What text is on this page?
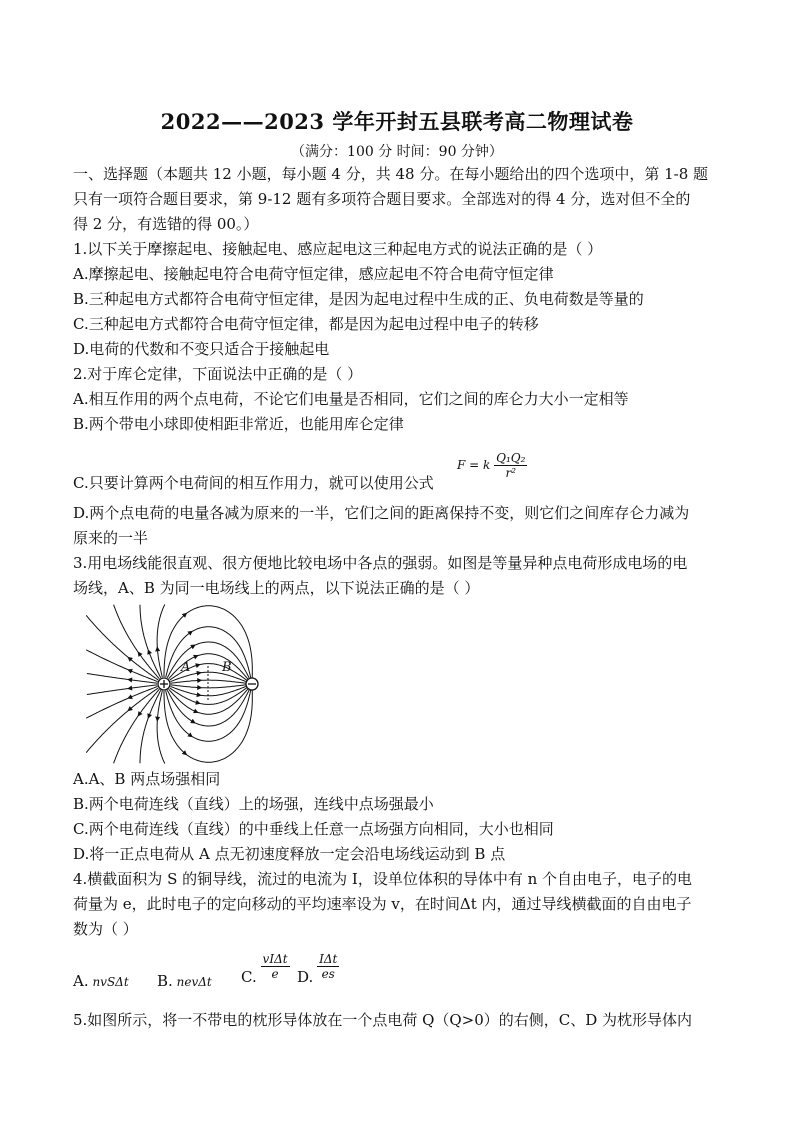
2022——2023 学年开封五县联考高二物理试卷
（满分：100 分 时间：90 分钟）
一、选择题（本题共 12 小题，每小题 4 分，共 48 分。在每小题给出的四个选项中，第 1-8 题
只有一项符合题目要求，第 9-12 题有多项符合题目要求。全部选对的得 4 分，选对但不全的
得 2 分，有选错的得 00。）
1.以下关于摩擦起电、接触起电、感应起电这三种起电方式的说法正确的是（ ）
A.摩擦起电、接触起电符合电荷守恒定律，感应起电不符合电荷守恒定律
B.三种起电方式都符合电荷守恒定律，是因为起电过程中生成的正、负电荷数是等量的
C.三种起电方式都符合电荷守恒定律，都是因为起电过程中电子的转移
D.电荷的代数和不变只适合于接触起电
2.对于库仑定律，下面说法中正确的是（ ）
A.相互作用的两个点电荷，不论它们电量是否相同，它们之间的库仑力大小一定相等
B.两个带电小球即使相距非常近，也能用库仑定律
C.只要计算两个电荷间的相互作用力，就可以使用公式
F = k $\frac{\text{Q₁Q₂}}{\text{r²}}$
D.两个点电荷的电量各减为原来的一半，它们之间的距离保持不变，则它们之间库存仑力减为
原来的一半
3.用电场线能很直观、很方便地比较电场中各点的强弱。如图是等量异种点电荷形成电场的电
场线，A、B 为同一电场线上的两点，以下说法正确的是（ ）
A B
A.A、B 两点场强相同
B.两个电荷连线（直线）上的场强，连线中点场强最小
C.两个电荷连线（直线）的中垂线上任意一点场强方向相同，大小也相同
D.将一正点电荷从 A 点无初速度释放一定会沿电场线运动到 B 点
4.横截面积为 S 的铜导线，流过的电流为 I，设单位体积的导体中有 n 个自由电子，电子的电
荷量为 e，此时电子的定向移动的平均速率设为 v，在时间Δt 内，通过导线横截面的自由电子
数为（ ）
A. nvSΔt B. nevΔt C. $\frac{\text{vIΔt}}{e} D$. $\frac{\text{IΔt}}{es}$
5.如图所示，将一不带电的枕形导体放在一个点电荷 Q（Q>0）的右侧，C、D 为枕形导体内
